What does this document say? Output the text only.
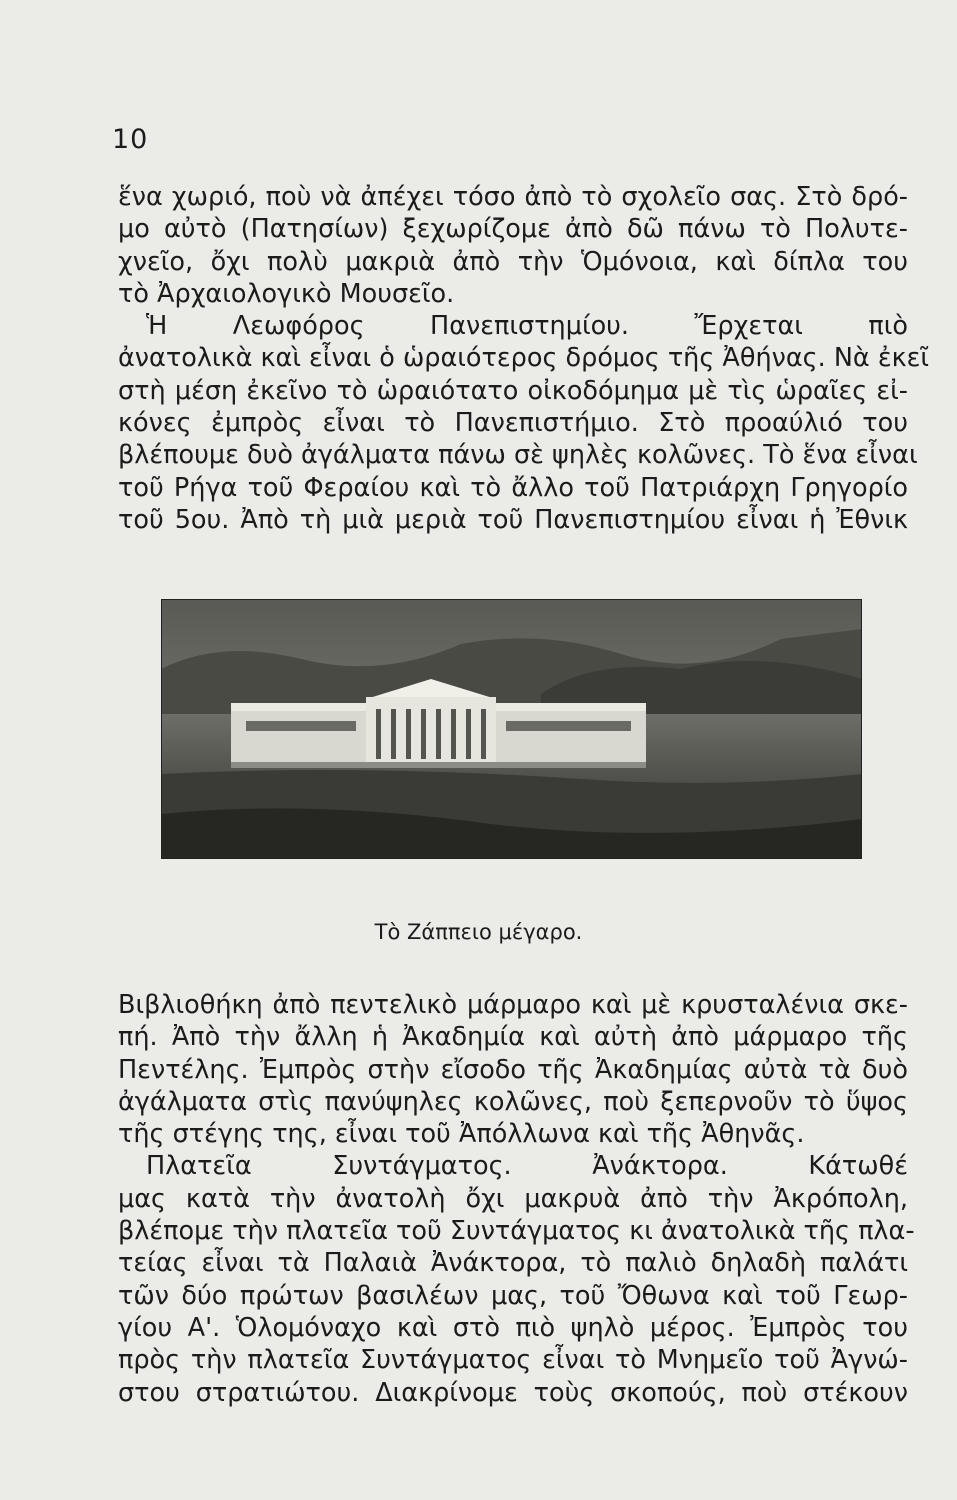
10
ἕνα χωριό, ποὺ νὰ ἀπέχει τόσο ἀπὸ τὸ σχολεῖο σας. Στὸ δρό-
μο αὐτὸ (Πατησίων) ξεχωρίζομε ἀπὸ δῶ πάνω τὸ Πολυτε-
χνεῖο, ὄχι πολὺ μακριὰ ἀπὸ τὴν Ὁμόνοια, καὶ δίπλα του
τὸ Ἀρχαιολογικὸ Μουσεῖο.
Ἡ Λεωφόρος Πανεπιστημίου. Ἔρχεται πιὸ
ἀνατολικὰ καὶ εἶναι ὁ ὡραιότερος δρόμος τῆς Ἀθήνας. Νὰ ἐκεῖ
στὴ μέση ἐκεῖνο τὸ ὡραιότατο οἰκοδόμημα μὲ τὶς ὡραῖες εἰ-
κόνες ἐμπρὸς εἶναι τὸ Πανεπιστήμιο. Στὸ προαύλιό του
βλέπουμε δυὸ ἀγάλματα πάνω σὲ ψηλὲς κολῶνες. Τὸ ἕνα εἶναι
τοῦ Ρήγα τοῦ Φεραίου καὶ τὸ ἄλλο τοῦ Πατριάρχη Γρηγορίο
τοῦ 5ου. Ἀπὸ τὴ μιὰ μεριὰ τοῦ Πανεπιστημίου εἶναι ἡ Ἐθνικ
Τὸ Ζάππειο μέγαρο.
Βιβλιοθήκη ἀπὸ πεντελικὸ μάρμαρο καὶ μὲ κρυσταλένια σκε-
πή. Ἀπὸ τὴν ἄλλη ἡ Ἀκαδημία καὶ αὐτὴ ἀπὸ μάρμαρο τῆς
Πεντέλης. Ἐμπρὸς στὴν εἴσοδο τῆς Ἀκαδημίας αὐτὰ τὰ δυὸ
ἀγάλματα στὶς πανύψηλες κολῶνες, ποὺ ξεπερνοῦν τὸ ὕψος
τῆς στέγης της, εἶναι τοῦ Ἀπόλλωνα καὶ τῆς Ἀθηνᾶς.
Πλατεῖα Συντάγματος. Ἀνάκτορα. Κάτωθέ
μας κατὰ τὴν ἀνατολὴ ὄχι μακρυὰ ἀπὸ τὴν Ἀκρόπολη,
βλέπομε τὴν πλατεῖα τοῦ Συντάγματος κι ἀνατολικὰ τῆς πλα-
τείας εἶναι τὰ Παλαιὰ Ἀνάκτορα, τὸ παλιὸ δηλαδὴ παλάτι
τῶν δύο πρώτων βασιλέων μας, τοῦ Ὄθωνα καὶ τοῦ Γεωρ-
γίου Α'. Ὁλομόναχο καὶ στὸ πιὸ ψηλὸ μέρος. Ἐμπρὸς του
πρὸς τὴν πλατεῖα Συντάγματος εἶναι τὸ Μνημεῖο τοῦ Ἀγνώ-
στου στρατιώτου. Διακρίνομε τοὺς σκοπούς, ποὺ στέκουν
